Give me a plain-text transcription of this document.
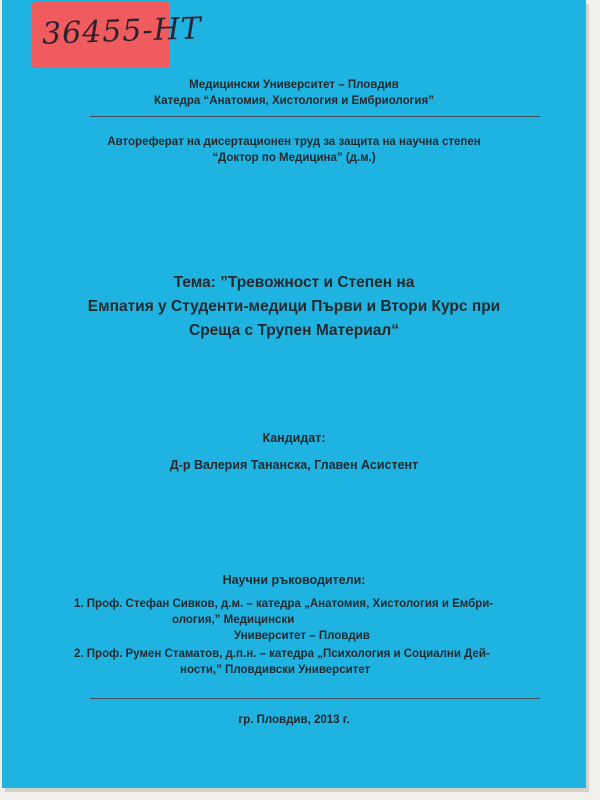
36455-НТ
Медицински Университет – Пловдив
Катедра “Анатомия, Хистология и Ембриология”
Автореферат на дисертационен труд за защита на научна степен
“Доктор по Медицина” (д.м.)
Тема: ”Тревожност и Степен на
Емпатия у Студенти-медици Първи и Втори Курс при
Среща с Трупен Материал“
Кандидат:
Д-р Валерия Тананска, Главен Асистент
Научни ръководители:
1. Проф. Стефан Сивков, д.м. – катедра „Анатомия, Хистология и Ембри-
ология,” Медицински
Университет – Пловдив
2. Проф. Румен Стаматов, д.п.н. – катедра „Психология и Социални Дей-
ности,” Пловдивски Университет
гр. Пловдив, 2013 г.
